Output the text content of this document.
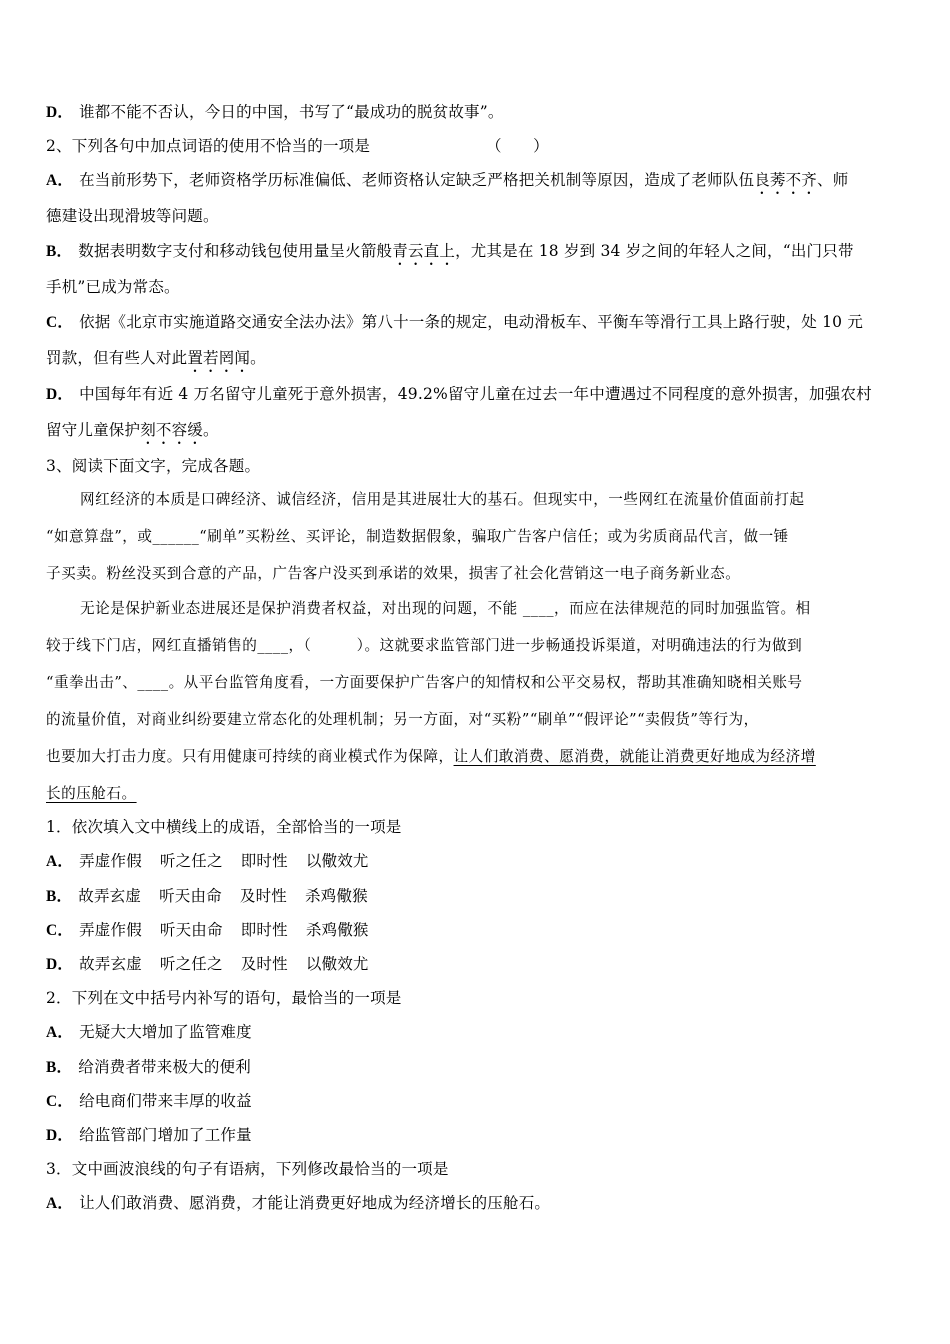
D． 谁都不能不否认，今日的中国，书写了“最成功的脱贫故事”。
2、下列各句中加点词语的使用不恰当的一项是	（　　）
A． 在当前形势下，老师资格学历标准偏低、老师资格认定缺乏严格把关机制等原因，造成了老师队伍良莠不齐、师
德建设出现滑坡等问题。
B． 数据表明数字支付和移动钱包使用量呈火箭般青云直上，尤其是在 18 岁到 34 岁之间的年轻人之间，“出门只带
手机”已成为常态。
C． 依据《北京市实施道路交通安全法办法》第八十一条的规定，电动滑板车、平衡车等滑行工具上路行驶，处 10 元
罚款，但有些人对此置若罔闻。
D． 中国每年有近 4 万名留守儿童死于意外损害，49.2%留守儿童在过去一年中遭遇过不同程度的意外损害，加强农村
留守儿童保护刻不容缓。
3、阅读下面文字，完成各题。
网红经济的本质是口碑经济、诚信经济，信用是其进展壮大的基石。但现实中，一些网红在流量价值面前打起
“如意算盘”，或______“刷单”买粉丝、买评论，制造数据假象，骗取广告客户信任；或为劣质商品代言，做一锤
子买卖。粉丝没买到合意的产品，广告客户没买到承诺的效果，损害了社会化营销这一电子商务新业态。
无论是保护新业态进展还是保护消费者权益，对出现的问题，不能 ____，而应在法律规范的同时加强监管。相
较于线下门店，网红直播销售的____，（　　　）。这就要求监管部门进一步畅通投诉渠道，对明确违法的行为做到
“重拳出击”、____。从平台监管角度看，一方面要保护广告客户的知情权和公平交易权，帮助其准确知晓相关账号
的流量价值，对商业纠纷要建立常态化的处理机制；另一方面，对“买粉”“刷单”“假评论”“卖假货”等行为，
也要加大打击力度。只有用健康可持续的商业模式作为保障，让人们敢消费、愿消费，就能让消费更好地成为经济增
长的压舱石。
1．依次填入文中横线上的成语，全部恰当的一项是
A． 弄虚作假 听之任之 即时性 以儆效尤
B． 故弄玄虚 听天由命 及时性 杀鸡儆猴
C． 弄虚作假 听天由命 即时性 杀鸡儆猴
D． 故弄玄虚 听之任之 及时性 以儆效尤
2．下列在文中括号内补写的语句，最恰当的一项是
A． 无疑大大增加了监管难度
B． 给消费者带来极大的便利
C． 给电商们带来丰厚的收益
D． 给监管部门增加了工作量
3．文中画波浪线的句子有语病，下列修改最恰当的一项是
A． 让人们敢消费、愿消费，才能让消费更好地成为经济增长的压舱石。
